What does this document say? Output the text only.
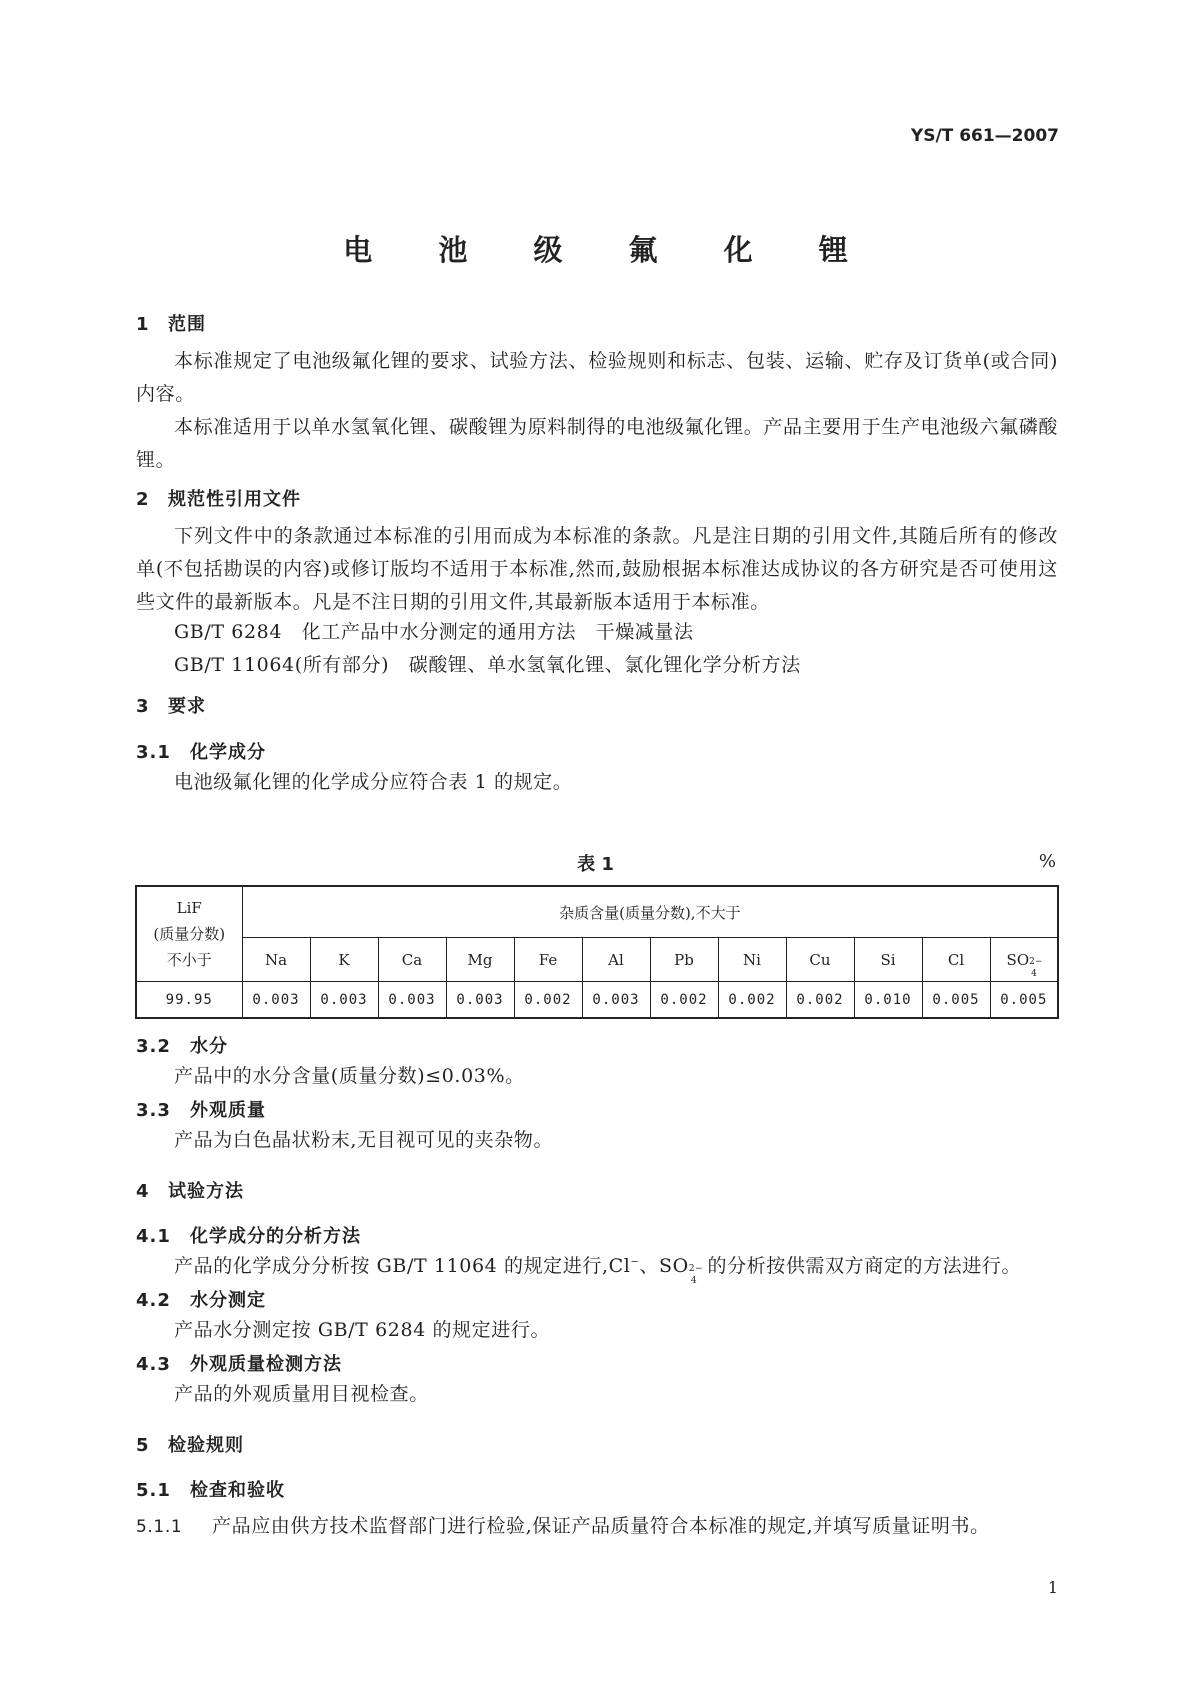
YS/T 661—2007
电 池 级 氟 化 锂
1 范围
本标准规定了电池级氟化锂的要求、试验方法、检验规则和标志、包装、运输、贮存及订货单(或合同)内容。
本标准适用于以单水氢氧化锂、碳酸锂为原料制得的电池级氟化锂。产品主要用于生产电池级六氟磷酸锂。
2 规范性引用文件
下列文件中的条款通过本标准的引用而成为本标准的条款。凡是注日期的引用文件,其随后所有的修改单(不包括勘误的内容)或修订版均不适用于本标准,然而,鼓励根据本标准达成协议的各方研究是否可使用这些文件的最新版本。凡是不注日期的引用文件,其最新版本适用于本标准。
GB/T 6284　化工产品中水分测定的通用方法　干燥减量法
GB/T 11064(所有部分)　碳酸锂、单水氢氧化锂、氯化锂化学分析方法
3 要求
3.1 化学成分
电池级氟化锂的化学成分应符合表 1 的规定。
表 1	%
LiF
(质量分数)
不小于	杂质含量(质量分数),不大于											
	Na	K	Ca	Mg	Fe	Al	Pb	Ni	Cu	Si	Cl	SO 2−
4

99.95	0.003	0.003	0.003	0.003	0.002	0.003	0.002	0.002	0.002	0.010	0.005	0.005
3.2 水分
产品中的水分含量(质量分数)≤0.03%。
3.3 外观质量
产品为白色晶状粉末,无目视可见的夹杂物。
4 试验方法
4.1 化学成分的分析方法
产品的化学成分分析按 GB/T 11064 的规定进行,Cl−、SO 2−
4
的分析按供需双方商定的方法进行。
4.2 水分测定
产品水分测定按 GB/T 6284 的规定进行。
4.3 外观质量检测方法
产品的外观质量用目视检查。
5 检验规则
5.1 检查和验收
5.1.1 产品应由供方技术监督部门进行检验,保证产品质量符合本标准的规定,并填写质量证明书。
1
